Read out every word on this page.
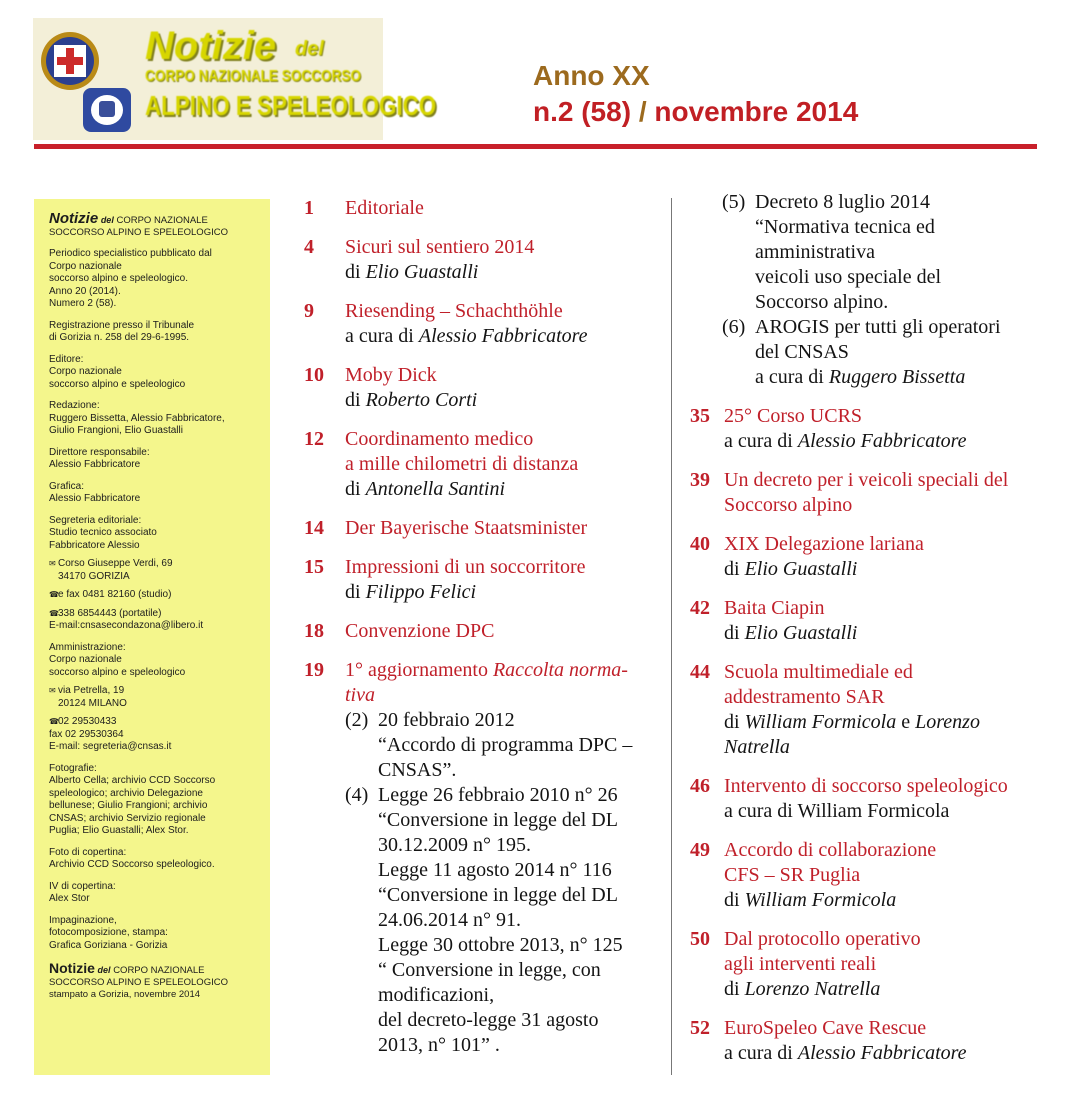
Notizie del
CORPO NAZIONALE SOCCORSO
ALPINO E SPELEOLOGICO
Anno XX
n.2 (58) / novembre 2014
Notizie del CORPO NAZIONALE
SOCCORSO ALPINO E SPELEOLOGICO
Periodico specialistico pubblicato dal
Corpo nazionale
soccorso alpino e speleologico.
Anno 20 (2014).
Numero 2 (58).
Registrazione presso il Tribunale
di Gorizia n. 258 del 29-6-1995.
Editore:
Corpo nazionale
soccorso alpino e speleologico
Redazione:
Ruggero Bissetta, Alessio Fabbricatore,
Giulio Frangioni, Elio Guastalli
Direttore responsabile:
Alessio Fabbricatore
Grafica:
Alessio Fabbricatore
Segreteria editoriale:
Studio tecnico associato
Fabbricatore Alessio
✉ Corso Giuseppe Verdi, 69
34170 GORIZIA
☎ e fax 0481 82160 (studio)
☎ 338 6854443 (portatile)
E-mail:cnsasecondazona@libero.it
Amministrazione:
Corpo nazionale
soccorso alpino e speleologico
✉ via Petrella, 19
20124 MILANO
☎ 02 29530433
fax 02 29530364
E-mail: segreteria@cnsas.it
Fotografie:
Alberto Cella; archivio CCD Soccorso
speleologico; archivio Delegazione
bellunese; Giulio Frangioni; archivio
CNSAS; archivio Servizio regionale
Puglia; Elio Guastalli; Alex Stor.
Foto di copertina:
Archivio CCD Soccorso speleologico.
IV di copertina:
Alex Stor
Impaginazione,
fotocomposizione, stampa:
Grafica Goriziana - Gorizia
Notizie del CORPO NAZIONALE

SOCCORSO ALPINO E SPELEOLOGICO
stampato a Gorizia, novembre 2014
1	Editoriale
4	Sicuri sul sentiero 2014
di Elio Guastalli
9	Riesending – Schachthöhle
a cura di Alessio Fabbricatore
10	Moby Dick
di Roberto Corti
12	Coordinamento medico
a mille chilometri di distanza
di Antonella Santini
14	Der Bayerische Staatsminister
15	Impressioni di un soccorritore
di Filippo Felici
18	Convenzione DPC
19	1° aggiornamento Raccolta norma-
tiva
(2) 20 febbraio 2012
“Accordo di programma DPC –
CNSAS”.
(4) Legge 26 febbraio 2010 n° 26
“Conversione in legge del DL
30.12.2009 n° 195.
Legge 11 agosto 2014 n° 116
“Conversione in legge del DL
24.06.2014 n° 91.
Legge 30 ottobre 2013, n° 125
“ Conversione in legge, con
modificazioni,
del decreto-legge 31 agosto
2013, n° 101” .
(5) Decreto 8 luglio 2014
“Normativa tecnica ed
amministrativa
veicoli uso speciale del
Soccorso alpino.
(6) AROGIS per tutti gli operatori
del CNSAS
a cura di Ruggero Bissetta
35 25° Corso UCRS
a cura di Alessio Fabbricatore
39 Un decreto per i veicoli speciali del
Soccorso alpino
40 XIX Delegazione lariana
di Elio Guastalli
42 Baita Ciapin
di Elio Guastalli
44 Scuola multimediale ed
addestramento SAR
di William Formicola e Lorenzo
Natrella
46 Intervento di soccorso speleologico
a cura di William Formicola
49 Accordo di collaborazione
CFS – SR Puglia
di William Formicola
50 Dal protocollo operativo
agli interventi reali
di Lorenzo Natrella
52 EuroSpeleo Cave Rescue
a cura di Alessio Fabbricatore
